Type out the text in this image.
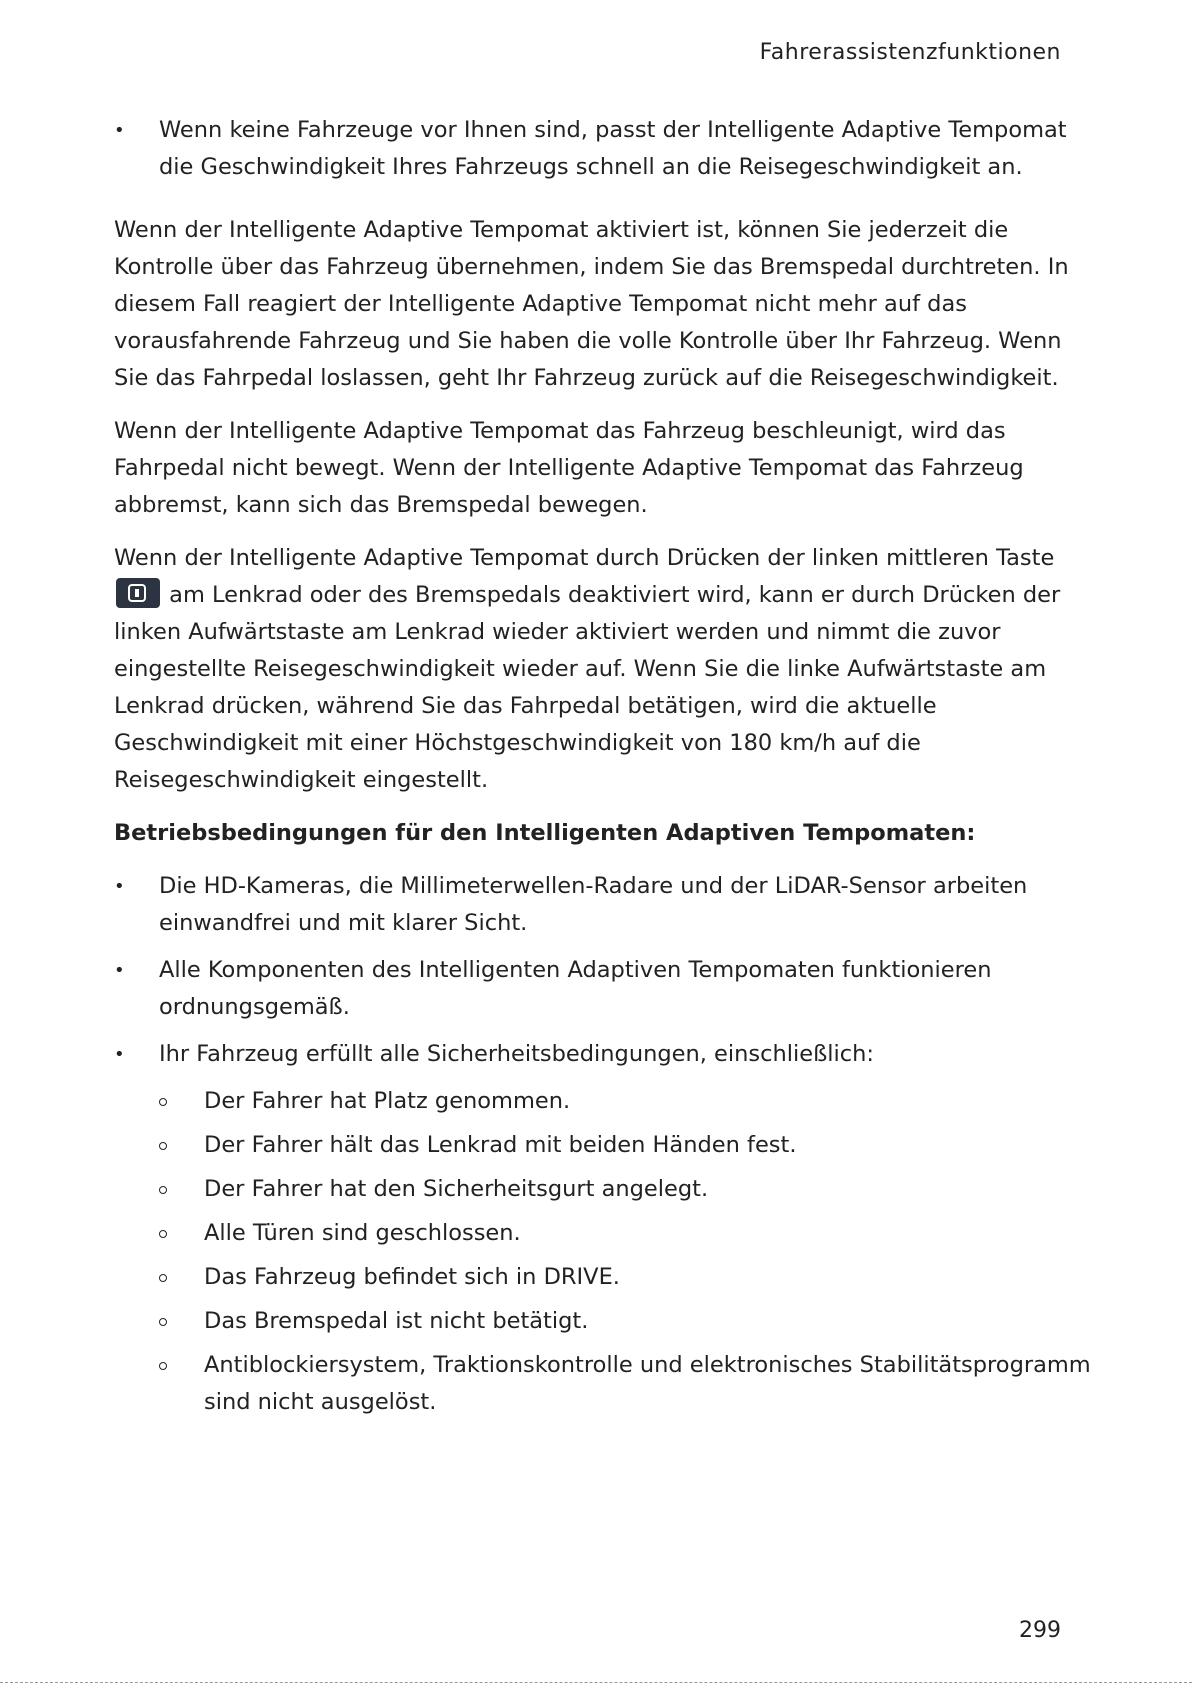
Fahrerassistenzfunktionen
• Wenn keine Fahrzeuge vor Ihnen sind, passt der Intelligente Adaptive Tempomat die Geschwindigkeit Ihres Fahrzeugs schnell an die Reisegeschwindigkeit an.

Wenn der Intelligente Adaptive Tempomat aktiviert ist, können Sie jederzeit die Kontrolle über das Fahrzeug übernehmen, indem Sie das Bremspedal durchtreten. In diesem Fall reagiert der Intelligente Adaptive Tempomat nicht mehr auf das vorausfahrende Fahrzeug und Sie haben die volle Kontrolle über Ihr Fahrzeug. Wenn Sie das Fahrpedal loslassen, geht Ihr Fahrzeug zurück auf die Reisegeschwindigkeit.

Wenn der Intelligente Adaptive Tempomat das Fahrzeug beschleunigt, wird das Fahrpedal nicht bewegt. Wenn der Intelligente Adaptive Tempomat das Fahrzeug abbremst, kann sich das Bremspedal bewegen.

Wenn der Intelligente Adaptive Tempomat durch Drücken der linken mittleren Taste  am Lenkrad oder des Bremspedals deaktiviert wird, kann er durch Drücken der linken Aufwärtstaste am Lenkrad wieder aktiviert werden und nimmt die zuvor eingestellte Reisegeschwindigkeit wieder auf. Wenn Sie die linke Aufwärtstaste am Lenkrad drücken, während Sie das Fahrpedal betätigen, wird die aktuelle Geschwindigkeit mit einer Höchstgeschwindigkeit von 180 km/h auf die Reisegeschwindigkeit eingestellt.

Betriebsbedingungen für den Intelligenten Adaptiven Tempomaten:
• Die HD-Kameras, die Millimeterwellen-Radare und der LiDAR-Sensor arbeiten einwandfrei und mit klarer Sicht.
• Alle Komponenten des Intelligenten Adaptiven Tempomaten funktionieren ordnungsgemäß.
• Ihr Fahrzeug erfüllt alle Sicherheitsbedingungen, einschließlich:
Der Fahrer hat Platz genommen.
Der Fahrer hält das Lenkrad mit beiden Händen fest.
Der Fahrer hat den Sicherheitsgurt angelegt.
Alle Türen sind geschlossen.
Das Fahrzeug befindet sich in DRIVE.
Das Bremspedal ist nicht betätigt.
Antiblockiersystem, Traktionskontrolle und elektronisches Stabilitätsprogramm sind nicht ausgelöst.
299
